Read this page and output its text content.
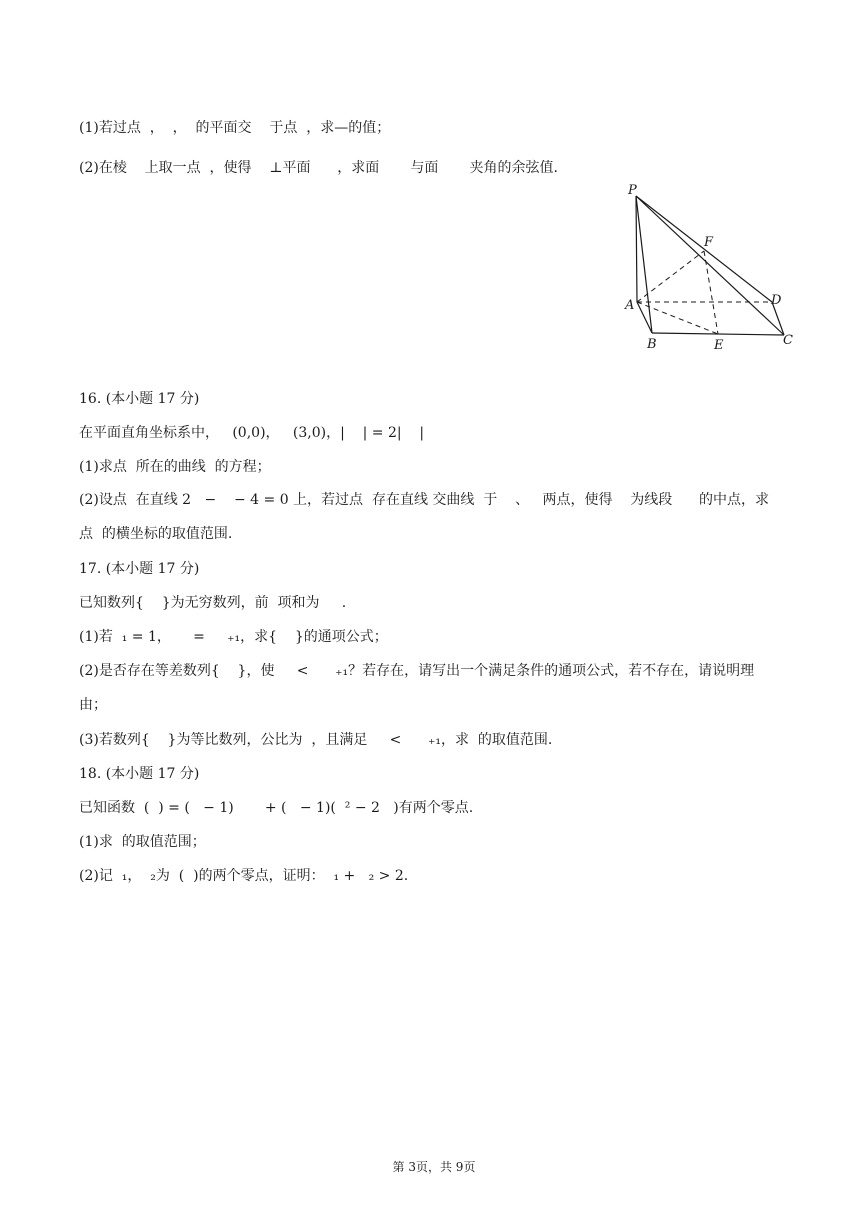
(1)若过点  ，  ，  的平面交    于点  ，求—的值；
(2)在棱    上取一点  ，使得    ⊥平面      ，求面       与面       夹角的余弦值.
16. (本小题 17 分)
在平面直角坐标系中，   (0,0)，   (3,0)，|    | = 2|    |
(1)求点  所在的曲线  的方程；
(2)设点  在直线 2   −    − 4 = 0 上，若过点  存在直线 交曲线  于    、   两点，使得    为线段      的中点，求
点  的横坐标的取值范围.
17. (本小题 17 分)
已知数列{    }为无穷数列，前  项和为     .
(1)若  ₁ = 1，     =     ₊₁，求{    }的通项公式；
(2)是否存在等差数列{    }，使     <      ₊₁？若存在，请写出一个满足条件的通项公式，若不存在，请说明理
由；
(3)若数列{    }为等比数列，公比为  ，且满足     <      ₊₁，求  的取值范围.
18. (本小题 17 分)
已知函数  (  ) = (   − 1)       + (   − 1)(  ² − 2   )有两个零点.
(1)求  的取值范围；
(2)记  ₁，  ₂为  (  )的两个零点，证明：  ₁ +   ₂ > 2.
P
F
A	D
B	E	C
第 3页，共 9页
